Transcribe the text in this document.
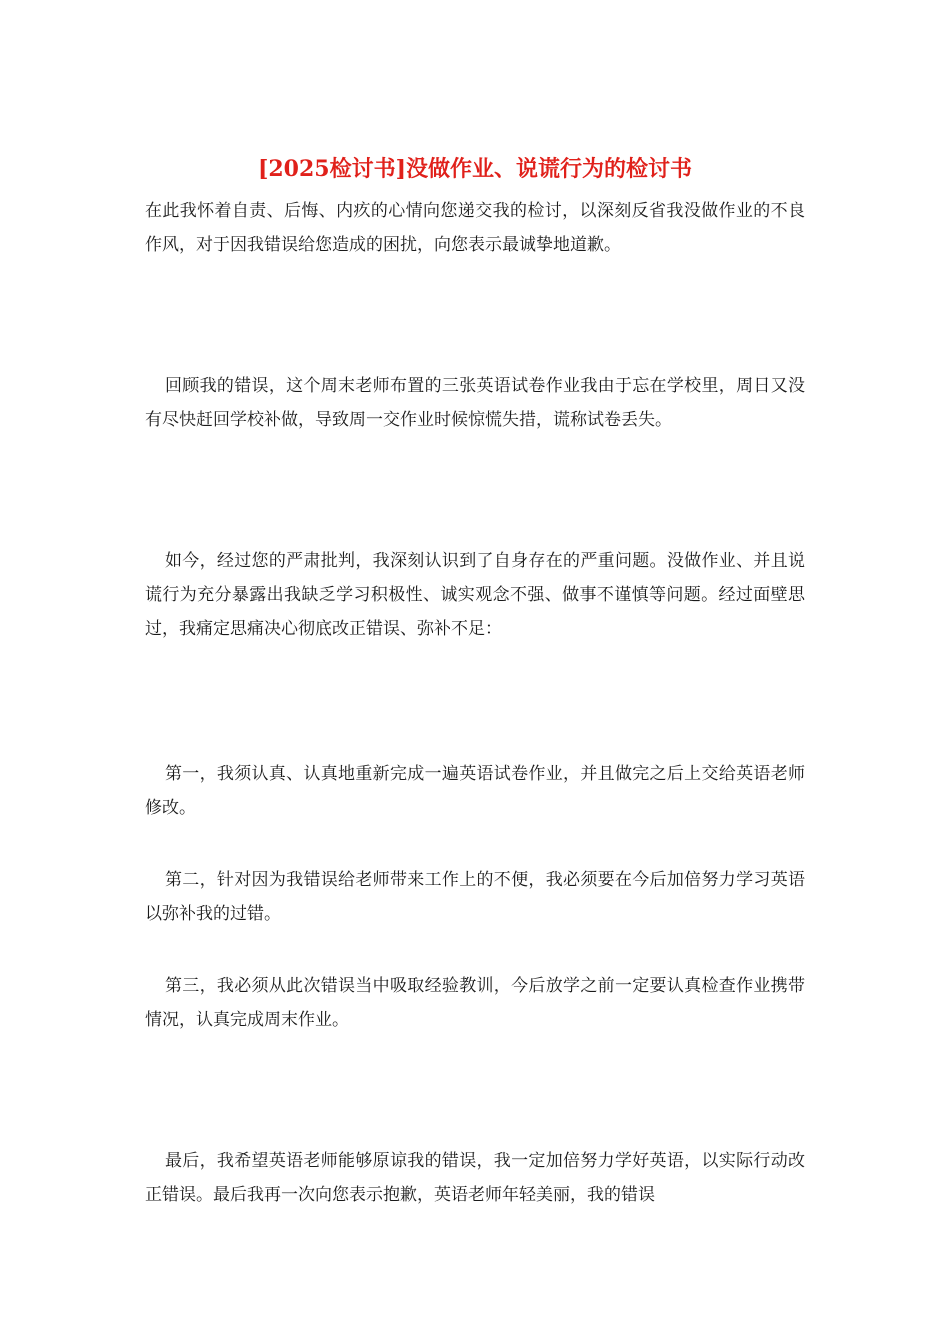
[2025检讨书]没做作业、说谎行为的检讨书

在此我怀着自责、后悔、内疚的心情向您递交我的检讨，以深刻反省我没做作业的不良作风，对于因我错误给您造成的困扰，向您表示最诚挚地道歉。

回顾我的错误，这个周末老师布置的三张英语试卷作业我由于忘在学校里，周日又没有尽快赶回学校补做，导致周一交作业时候惊慌失措，谎称试卷丢失。

如今，经过您的严肃批判，我深刻认识到了自身存在的严重问题。没做作业、并且说谎行为充分暴露出我缺乏学习积极性、诚实观念不强、做事不谨慎等问题。经过面壁思过，我痛定思痛决心彻底改正错误、弥补不足：

第一，我须认真、认真地重新完成一遍英语试卷作业，并且做完之后上交给英语老师修改。

第二，针对因为我错误给老师带来工作上的不便，我必须要在今后加倍努力学习英语以弥补我的过错。

第三，我必须从此次错误当中吸取经验教训，今后放学之前一定要认真检查作业携带情况，认真完成周末作业。

最后，我希望英语老师能够原谅我的错误，我一定加倍努力学好英语，以实际行动改正错误。最后我再一次向您表示抱歉，英语老师年轻美丽，我的错误
